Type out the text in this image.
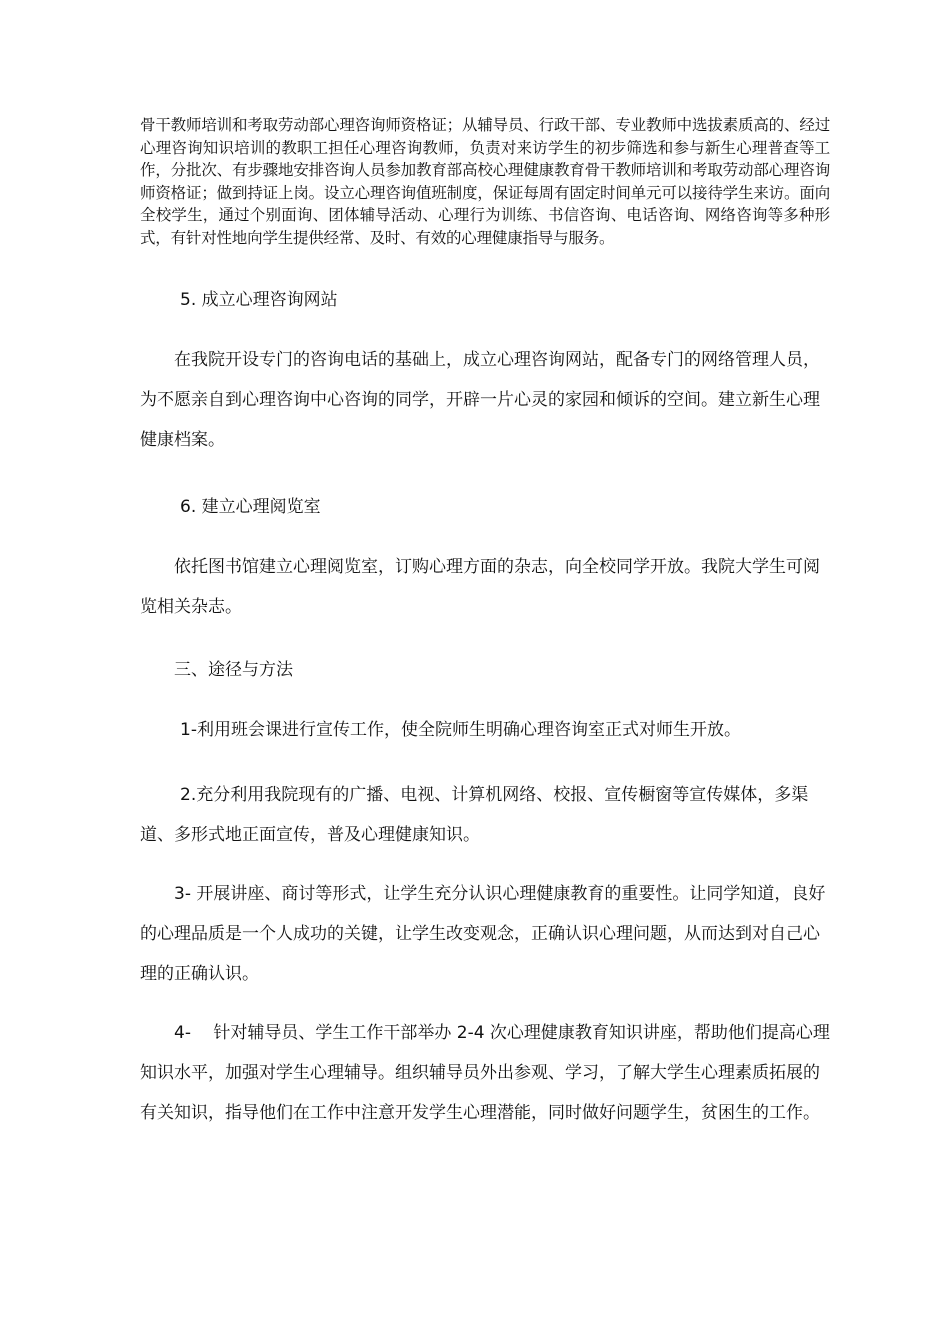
骨干教师培训和考取劳动部心理咨询师资格证；从辅导员、行政干部、专业教师中选拔素质高的、经过心理咨询知识培训的教职工担任心理咨询教师，负责对来访学生的初步筛选和参与新生心理普查等工作，分批次、有步骤地安排咨询人员参加教育部高校心理健康教育骨干教师培训和考取劳动部心理咨询师资格证；做到持证上岗。设立心理咨询值班制度，保证每周有固定时间单元可以接待学生来访。面向全校学生，通过个别面询、团体辅导活动、心理行为训练、书信咨询、电话咨询、网络咨询等多种形式，有针对性地向学生提供经常、及时、有效的心理健康指导与服务。

5. 成立心理咨询网站

在我院开设专门的咨询电话的基础上，成立心理咨询网站，配备专门的网络管理人员，为不愿亲自到心理咨询中心咨询的同学，开辟一片心灵的家园和倾诉的空间。建立新生心理健康档案。

6. 建立心理阅览室

依托图书馆建立心理阅览室，订购心理方面的杂志，向全校同学开放。我院大学生可阅览相关杂志。

三、途径与方法

1-利用班会课进行宣传工作，使全院师生明确心理咨询室正式对师生开放。

2.充分利用我院现有的广播、电视、计算机网络、校报、宣传橱窗等宣传媒体，多渠道、多形式地正面宣传，普及心理健康知识。

3- 开展讲座、商讨等形式，让学生充分认识心理健康教育的重要性。让同学知道，良好的心理品质是一个人成功的关键，让学生改变观念，正确认识心理问题，从而达到对自己心理的正确认识。

4-　 针对辅导员、学生工作干部举办 2-4 次心理健康教育知识讲座，帮助他们提高心理知识水平，加强对学生心理辅导。组织辅导员外出参观、学习，了解大学生心理素质拓展的有关知识，指导他们在工作中注意开发学生心理潜能，同时做好问题学生，贫困生的工作。
